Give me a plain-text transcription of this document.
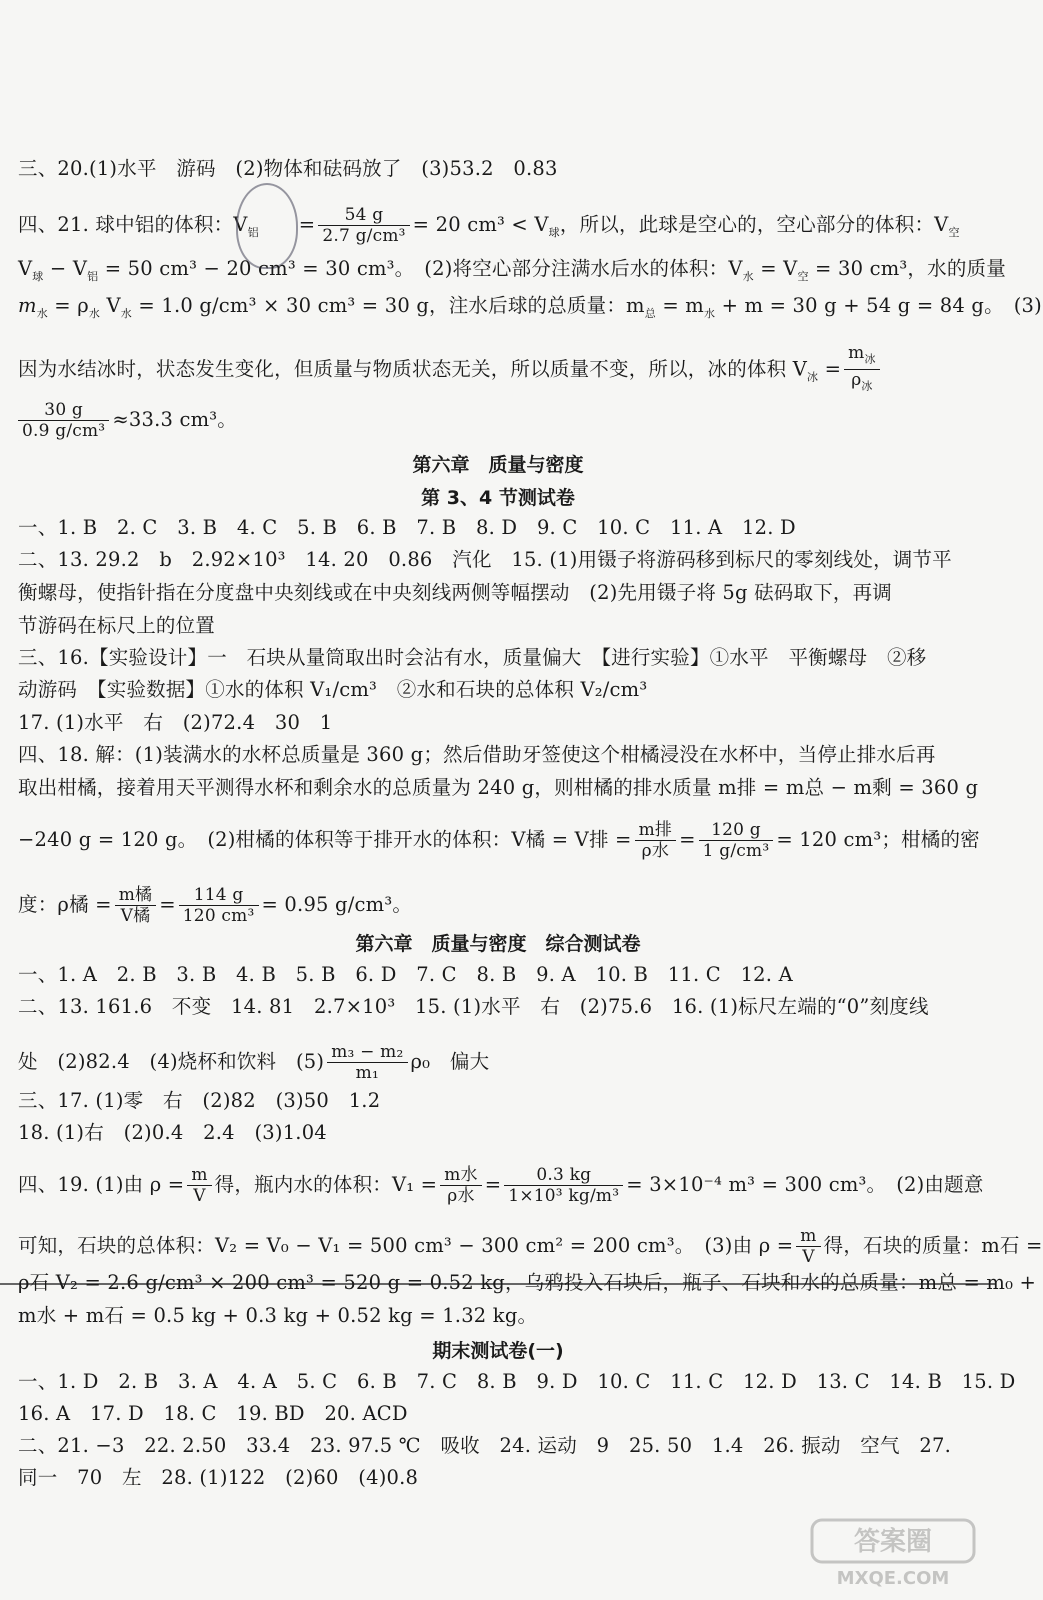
三、20.(1)水平　游码　(2)物体和砝码放了　(3)53.2　0.83
四、21. 球中铝的体积：$V_铝 = \frac{54 g}{\text{2.7 g/cm³}} = 20$ $cm^3 < V_球$，所以，此球是空心的，空心部分的体积：$V_空$
$V_球 - V_铝 = 50$ cm³ − 20 cm³ = 30 cm³。　(2)将空心部分注满水后水的体积：$V_水 = V_空 = 30$ cm³，水的质量
$m_水 = \rho_水$ $V_水 = 1.0$ g/cm³ × 30 cm³ = 30 g，注水后球的总质量：$m_总 = m_水 + m = 30$ g + 54 g = 84 g。　(3)
因为水结冰时，状态发生变化，但质量与物质状态无关，所以质量不变，所以，冰的体积 $V_冰 = \frac{m_冰}{\rho_冰}$
$\frac{30 g}{\text{0.9 g/cm³}} \approx 33.3$ cm³。
第六章　质量与密度
第 3、4 节测试卷
一、1. B　2. C　3. B　4. C　5. B　6. B　7. B　8. D　9. C　10. C　11. A　12. D
二、13. 29.2　b　2.92×10³　14. 20　0.86　汽化　15. (1)用镊子将游码移到标尺的零刻线处，调节平
衡螺母，使指针指在分度盘中央刻线或在中央刻线两侧等幅摆动　(2)先用镊子将 5g 砝码取下，再调
节游码在标尺上的位置
三、16.【实验设计】一　石块从量筒取出时会沾有水，质量偏大　【进行实验】①水平　平衡螺母　②移
动游码　【实验数据】①水的体积 V₁/cm³　②水和石块的总体积 V₂/cm³
17. (1)水平　右　(2)72.4　30　1
四、18. 解：(1)装满水的水杯总质量是 360 g；然后借助牙签使这个柑橘浸没在水杯中，当停止排水后再
取出柑橘，接着用天平测得水杯和剩余水的总质量为 240 g，则柑橘的排水质量 m排 = m总 − m剩 = 360 g
−240 g = 120 g。　(2)柑橘的体积等于排开水的体积：V橘 = V排 = $\frac{\text{m排}}{\text{ρ水}} = \frac{120 g}{\text{1 g/cm³}} = 120$ cm³；柑橘的密
度：ρ橘 = $\frac{\text{m橘}}{\text{V橘}} = \frac{114 g}{\text{120 cm³}} = 0.95$ g/cm³。
第六章　质量与密度　综合测试卷
一、1. A　2. B　3. B　4. B　5. B　6. D　7. C　8. B　9. A　10. B　11. C　12. A
二、13. 161.6　不变　14. 81　2.7×10³　15. (1)水平　右　(2)75.6　16. (1)标尺左端的“0”刻度线
处　(2)82.4　(4)烧杯和饮料　$(5) \frac{\text{m₃ − m₂}}{\text{m₁}} \rho_0$　偏大
三、17. (1)零　右　(2)82　(3)50　1.2
18. (1)右　(2)0.4　2.4　(3)1.04
四、19. (1)由 $\rho = \frac{m}{V}$ 得，瓶内水的体积：$V_1 = \frac{\text{m水}}{\text{ρ水}} = \frac{0.3 kg}{\text{1×10³ kg/m³}} = 3\times 10^{-4}$ m³ = 300 cm³。　(2)由题意
可知，石块的总体积：V₂ = V₀ − V₁ = 500 cm³ − 300 cm² = 200 cm³。　(3)由 $\rho = \frac{m}{V}$ 得，石块的质量：m石 =
ρ石 V₂ = 2.6 g/cm³ × 200 cm³ = 520 g = 0.52 kg，乌鸦投入石块后，瓶子、石块和水的总质量：m总 = m₀ +
m水 + m石 = 0.5 kg + 0.3 kg + 0.52 kg = 1.32 kg。
期末测试卷(一)
一、1. D　2. B　3. A　4. A　5. C　6. B　7. C　8. B　9. D　10. C　11. C　12. D　13. C　14. B　15. D
16. A　17. D　18. C　19. BD　20. ACD
二、21. −3　22. 2.50　33.4　23. 97.5 ℃　吸收　24. 运动　9　25. 50　1.4　26. 振动　空气　27.
同一　70　左　28. (1)122　(2)60　(4)0.8
答案圈
MXQE.COM
